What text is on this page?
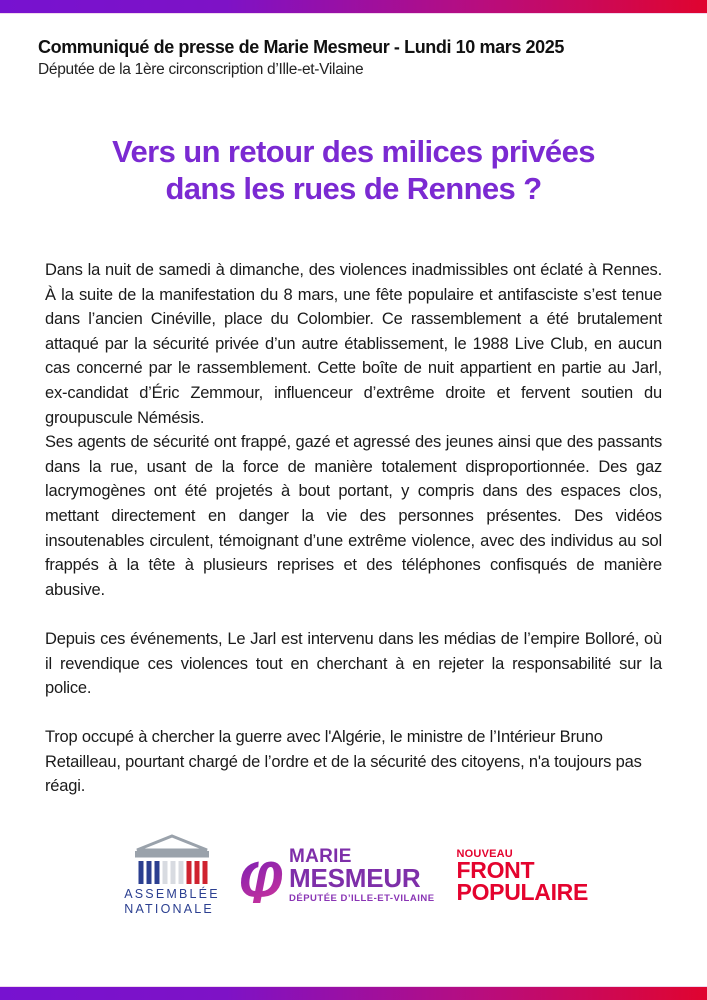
Communiqué de presse de Marie Mesmeur - Lundi 10 mars 2025
Députée de la 1ère circonscription d’Ille-et-Vilaine
Vers un retour des milices privées
dans les rues de Rennes ?

Dans la nuit de samedi à dimanche, des violences inadmissibles ont éclaté à Rennes. À la suite de la manifestation du 8 mars, une fête populaire et antifasciste s’est tenue dans l’ancien Cinéville, place du Colombier. Ce rassemblement a été brutalement attaqué par la sécurité privée d’un autre établissement, le 1988 Live Club, en aucun cas concerné par le rassemblement. Cette boîte de nuit appartient en partie au Jarl, ex-candidat d’Éric Zemmour, influenceur d’extrême droite et fervent soutien du groupuscule Némésis.

Ses agents de sécurité ont frappé, gazé et agressé des jeunes ainsi que des passants dans la rue, usant de la force de manière totalement disproportionnée. Des gaz lacrymogènes ont été projetés à bout portant, y compris dans des espaces clos, mettant directement en danger la vie des personnes présentes. Des vidéos insoutenables circulent, témoignant d’une extrême violence, avec des individus au sol frappés à la tête à plusieurs reprises et des téléphones confisqués de manière abusive.

Depuis ces événements, Le Jarl est intervenu dans les médias de l’empire Bolloré, où il revendique ces violences tout en cherchant à en rejeter la responsabilité sur la police.

Trop occupé à chercher la guerre avec l'Algérie, le ministre de l’Intérieur Bruno Retailleau, pourtant chargé de l’ordre et de la sécurité des citoyens, n'a toujours pas réagi.

ASSEMBLÉE
NATIONALE φ MARIE
MESMEUR
DÉPUTÉE D’ILLE-ET-VILAINE
NOUVEAU
FRONT
POPULAIRE
